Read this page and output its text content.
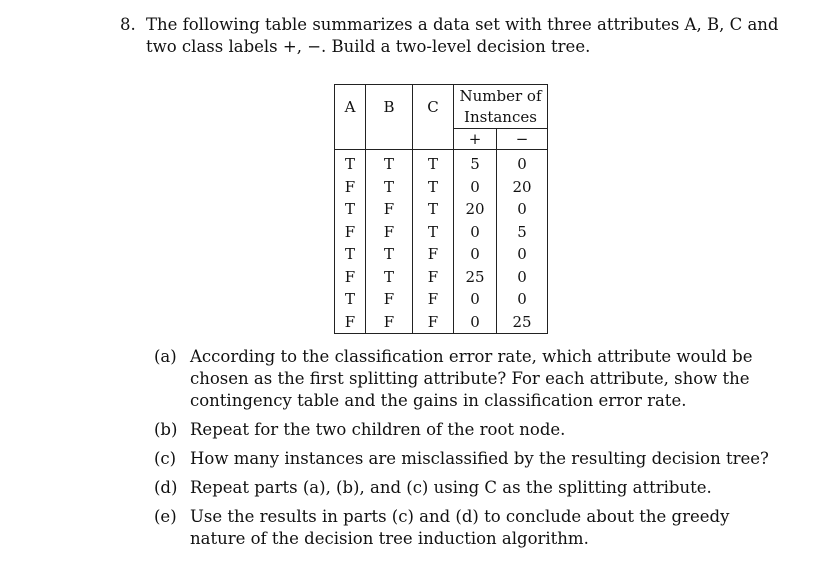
8. The following table summarizes a data set with three attributes A, B, C and two class labels +, −. Build a two-level decision tree.
A	B	C	Number of	
			Instances	
			+	−

T	T	T	5	0
F	T	T	0	20
T	F	T	20	0
F	F	T	0	5
T	T	F	0	0
F	T	F	25	0
T	F	F	0	0
F	F	F	0	25
(a) According to the classification error rate, which attribute would be chosen as the first splitting attribute? For each attribute, show the contingency table and the gains in classification error rate.
(b) Repeat for the two children of the root node.
(c) How many instances are misclassified by the resulting decision tree?
(d) Repeat parts (a), (b), and (c) using C as the splitting attribute.
(e) Use the results in parts (c) and (d) to conclude about the greedy nature of the decision tree induction algorithm.
